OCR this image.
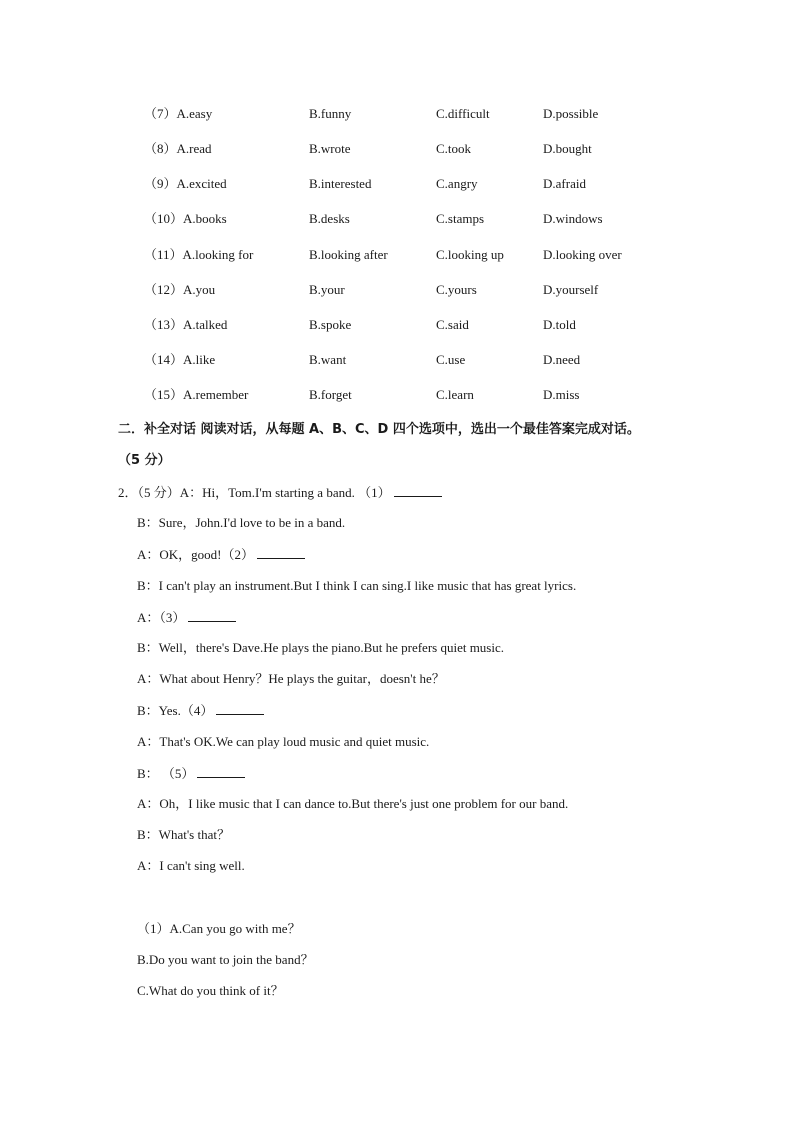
（7）A.easy	B.funny	C.difficult	D.possible
（8）A.read	B.wrote	C.took	D.bought
（9）A.excited	B.interested	C.angry	D.afraid
（10）A.books	B.desks	C.stamps	D.windows
（11）A.looking for	B.looking after	C.looking up	D.looking over
（12）A.you	B.your	C.yours	D.yourself
（13）A.talked	B.spoke	C.said	D.told
（14）A.like	B.want	C.use	D.need
（15）A.remember	B.forget	C.learn	D.miss
二．补全对话 阅读对话，从每题 A、B、C、D 四个选项中，选出一个最佳答案完成对话。
（5 分）
2．（5 分）A：Hi，Tom.I'm starting a band. （1）
B：Sure，John.I'd love to be in a band.
A：OK，good!（2）
B：I can't play an instrument.But I think I can sing.I like music that has great lyrics.
A：（3）
B：Well，there's Dave.He plays the piano.But he prefers quiet music.
A：What about Henry？He plays the guitar，doesn't he？
B：Yes.（4）
A：That's OK.We can play loud music and quiet music.
B： （5）
A：Oh，I like music that I can dance to.But there's just one problem for our band.
B：What's that？
A：I can't sing well.
（1）A.Can you go with me？
B.Do you want to join the band？
C.What do you think of it？
